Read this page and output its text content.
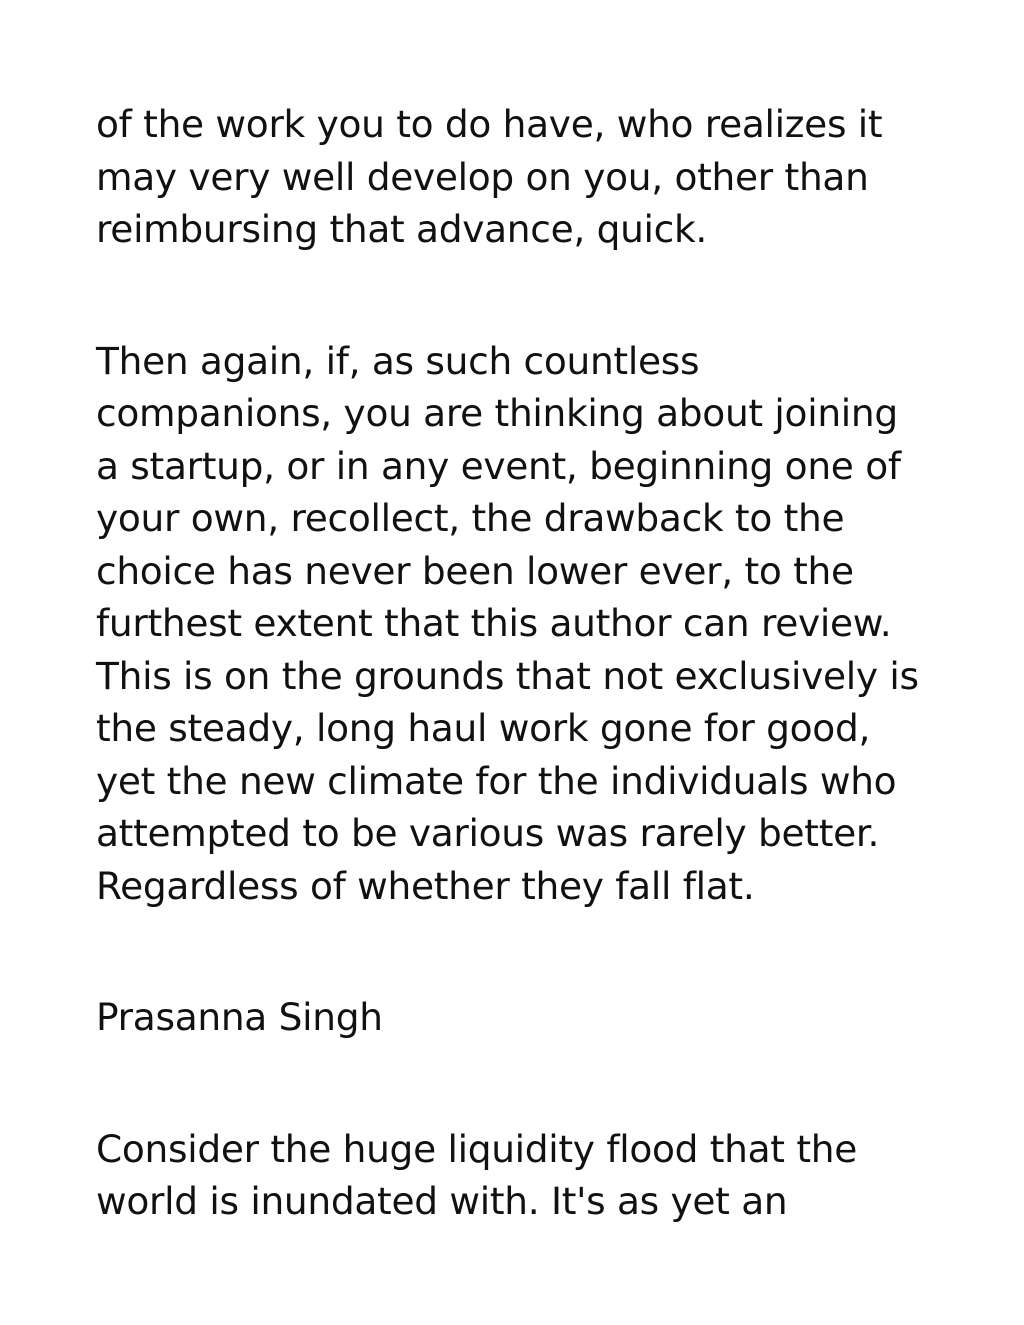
of the work you to do have, who realizes it
may very well develop on you, other than
reimbursing that advance, quick.
Then again, if, as such countless
companions, you are thinking about joining
a startup, or in any event, beginning one of
your own, recollect, the drawback to the
choice has never been lower ever, to the
furthest extent that this author can review.
This is on the grounds that not exclusively is
the steady, long haul work gone for good,
yet the new climate for the individuals who
attempted to be various was rarely better.
Regardless of whether they fall flat.
Prasanna Singh
Consider the huge liquidity flood that the
world is inundated with. It's as yet an
